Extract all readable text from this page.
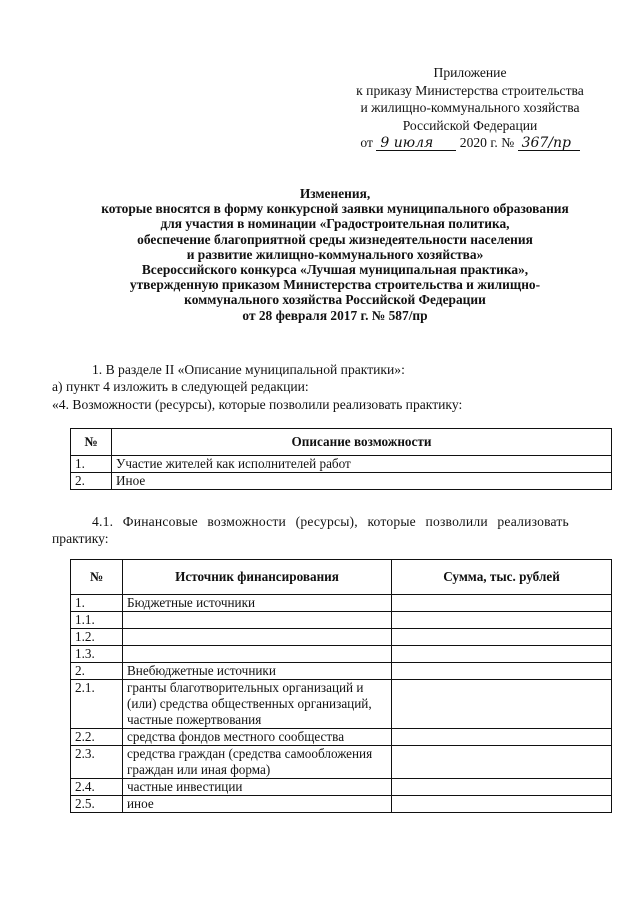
Приложение
к приказу Министерства строительства
и жилищно-коммунального хозяйства
Российской Федерации
от 9 июля 2020 г. № 367/пр
Изменения,
которые вносятся в форму конкурсной заявки муниципального образования
для участия в номинации «Градостроительная политика,
обеспечение благоприятной среды жизнедеятельности населения
и развитие жилищно-коммунального хозяйства»
Всероссийского конкурса «Лучшая муниципальная практика»,
утвержденную приказом Министерства строительства и жилищно-
коммунального хозяйства Российской Федерации
от 28 февраля 2017 г. № 587/пр
1. В разделе II «Описание муниципальной практики»:
а) пункт 4 изложить в следующей редакции:
«4. Возможности (ресурсы), которые позволили реализовать практику:
№	Описание возможности
1.	Участие жителей как исполнителей работ
2.	Иное
4.1. Финансовые возможности (ресурсы), которые позволили реализовать
практику:
№	Источник финансирования	Сумма, тыс. рублей
1.	Бюджетные источники	
1.1.		
1.2.		
1.3.		
2.	Внебюджетные источники	
2.1.	гранты благотворительных организаций и (или) средства общественных организаций, частные пожертвования	
2.2.	средства фондов местного сообщества	
2.3.	средства граждан (средства самообложения граждан или иная форма)	
2.4.	частные инвестиции	
2.5.	иное	
